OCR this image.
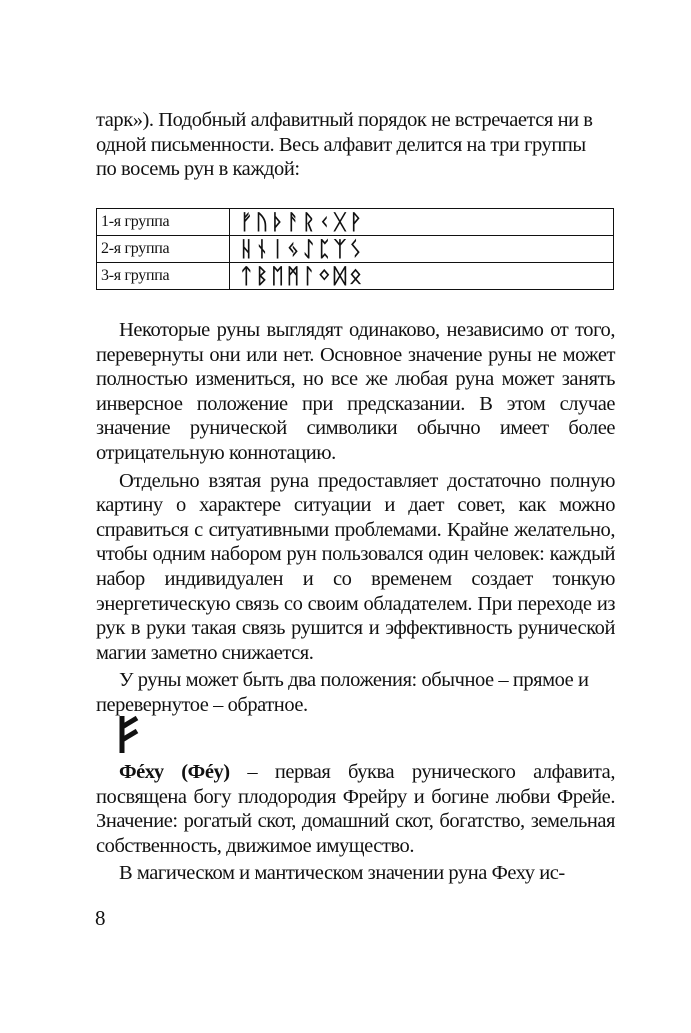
тарк»). Подобный алфавитный порядок не встречается ни в

одной письменности. Весь алфавит делится на три группы

по восемь рун в каждой:

1-я группа	ᚠᚢᚦᚨᚱᚲᚷᚹ
2-я группа	ᚺᚾᛁᛃᛇᛈᛉᛊ
3-я группа	ᛏᛒᛖᛗᛚᛜᛞᛟ

Некоторые руны выглядят одинаково, независимо от того, перевернуты они или нет. Основное значение руны не может полностью измениться, но все же любая руна может занять инверсное положение при предсказании. В этом случае значение рунической символики обычно имеет более отрицательную коннотацию.

Отдельно взятая руна предоставляет достаточно полную картину о характере ситуации и дает совет, как можно справиться с ситуативными проблемами. Крайне желательно, чтобы одним набором рун пользовался один человек: каждый набор индивидуален и со временем создает тонкую энергетическую связь со своим обладателем. При переходе из рук в руки такая связь рушится и эффективность рунической магии заметно снижается.

У руны может быть два положения: обычное – прямое и перевернутое – обратное.

Фéху (Фéу) – первая буква рунического алфавита, посвящена богу плодородия Фрейру и богине любви Фрейе. Значение: рогатый скот, домашний скот, богатство, земельная собственность, движимое имущество.

В магическом и мантическом значении руна Феху ис-

8
